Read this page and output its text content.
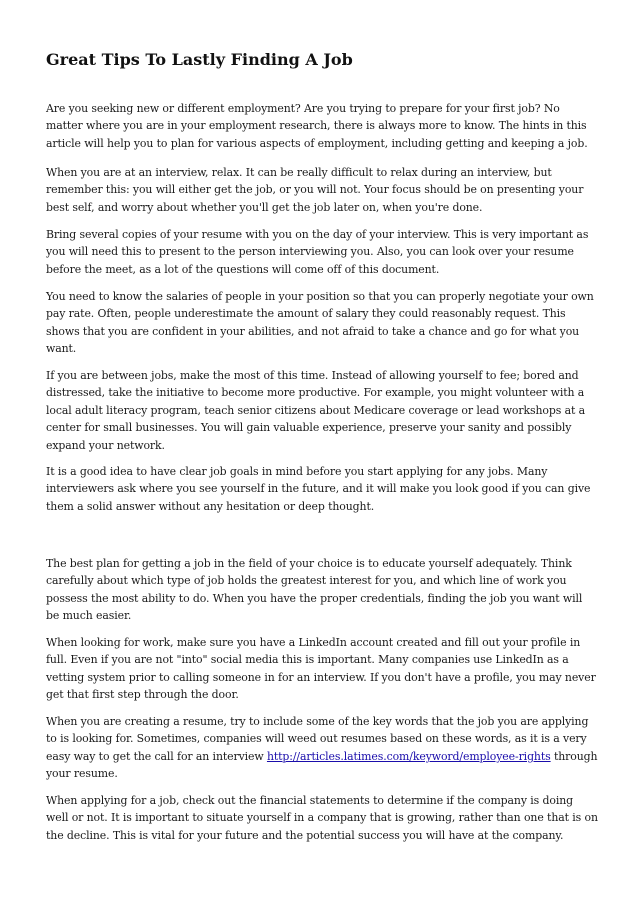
Great Tips To Lastly Finding A Job

Are you seeking new or different employment? Are you trying to prepare for your first job? No matter where you are in your employment research, there is always more to know. The hints in this article will help you to plan for various aspects of employment, including getting and keeping a job.

When you are at an interview, relax. It can be really difficult to relax during an interview, but remember this: you will either get the job, or you will not. Your focus should be on presenting your best self, and worry about whether you'll get the job later on, when you're done.

Bring several copies of your resume with you on the day of your interview. This is very important as you will need this to present to the person interviewing you. Also, you can look over your resume before the meet, as a lot of the questions will come off of this document.

You need to know the salaries of people in your position so that you can properly negotiate your own pay rate. Often, people underestimate the amount of salary they could reasonably request. This shows that you are confident in your abilities, and not afraid to take a chance and go for what you want.

If you are between jobs, make the most of this time. Instead of allowing yourself to fee; bored and distressed, take the initiative to become more productive. For example, you might volunteer with a local adult literacy program, teach senior citizens about Medicare coverage or lead workshops at a center for small businesses. You will gain valuable experience, preserve your sanity and possibly expand your network.

It is a good idea to have clear job goals in mind before you start applying for any jobs. Many interviewers ask where you see yourself in the future, and it will make you look good if you can give them a solid answer without any hesitation or deep thought.

The best plan for getting a job in the field of your choice is to educate yourself adequately. Think carefully about which type of job holds the greatest interest for you, and which line of work you possess the most ability to do. When you have the proper credentials, finding the job you want will be much easier.

When looking for work, make sure you have a LinkedIn account created and fill out your profile in full. Even if you are not "into" social media this is important. Many companies use LinkedIn as a vetting system prior to calling someone in for an interview. If you don't have a profile, you may never get that first step through the door.

When you are creating a resume, try to include some of the key words that the job you are applying to is looking for. Sometimes, companies will weed out resumes based on these words, as it is a very easy way to get the call for an interview http://articles.latimes.com/keyword/employee-rights through your resume.

When applying for a job, check out the financial statements to determine if the company is doing well or not. It is important to situate yourself in a company that is growing, rather than one that is on the decline. This is vital for your future and the potential success you will have at the company.
